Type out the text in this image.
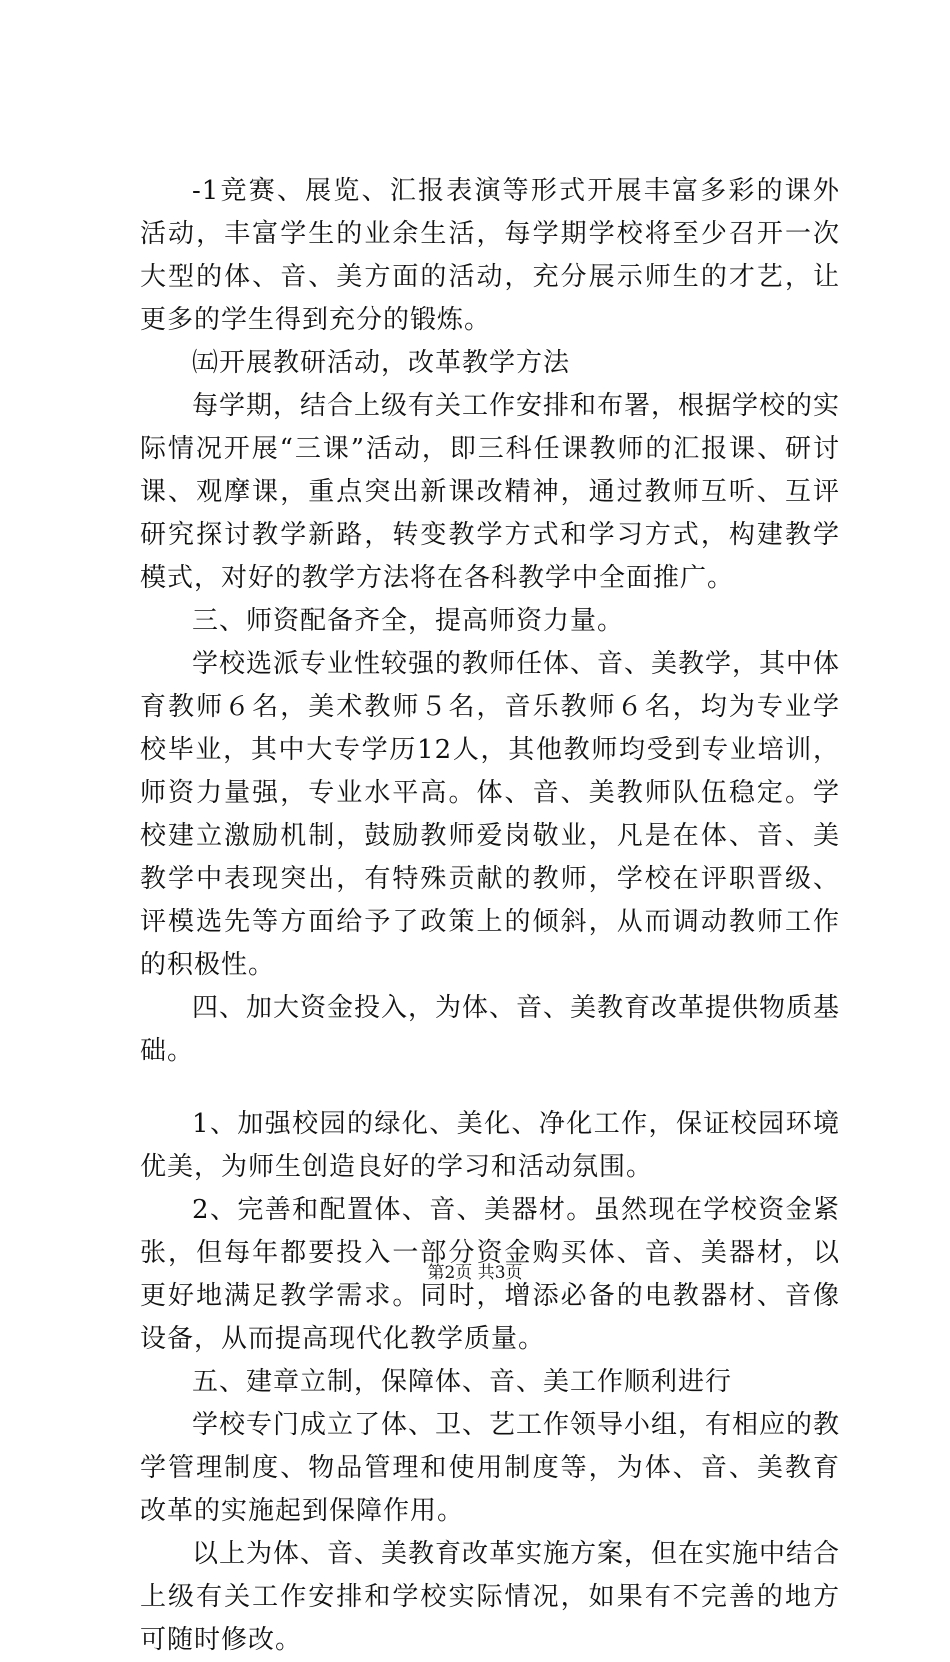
-1竞赛、展览、汇报表演等形式开展丰富多彩的课外活动，丰富学生的业余生活，每学期学校将至少召开一次大型的体、音、美方面的活动，充分展示师生的才艺，让更多的学生得到充分的锻炼。

㈤开展教研活动，改革教学方法

每学期，结合上级有关工作安排和布署，根据学校的实际情况开展“三课”活动，即三科任课教师的汇报课、研讨课、观摩课，重点突出新课改精神，通过教师互听、互评研究探讨教学新路，转变教学方式和学习方式，构建教学模式，对好的教学方法将在各科教学中全面推广。

三、师资配备齐全，提高师资力量。

学校选派专业性较强的教师任体、音、美教学，其中体育教师６名，美术教师５名，音乐教师６名，均为专业学校毕业，其中大专学历12人，其他教师均受到专业培训，师资力量强，专业水平高。体、音、美教师队伍稳定。学校建立激励机制，鼓励教师爱岗敬业，凡是在体、音、美教学中表现突出，有特殊贡献的教师，学校在评职晋级、评模选先等方面给予了政策上的倾斜，从而调动教师工作的积极性。

四、加大资金投入，为体、音、美教育改革提供物质基础。

1、加强校园的绿化、美化、净化工作，保证校园环境优美，为师生创造良好的学习和活动氛围。

2、完善和配置体、音、美器材。虽然现在学校资金紧张，但每年都要投入一部分资金购买体、音、美器材，以更好地满足教学需求。同时，增添必备的电教器材、音像设备，从而提高现代化教学质量。

五、建章立制，保障体、音、美工作顺利进行

学校专门成立了体、卫、艺工作领导小组，有相应的教学管理制度、物品管理和使用制度等，为体、音、美教育改革的实施起到保障作用。

以上为体、音、美教育改革实施方案，但在实施中结合上级有关工作安排和学校实际情况，如果有不完善的地方可随时修改。

第2页 共3页
